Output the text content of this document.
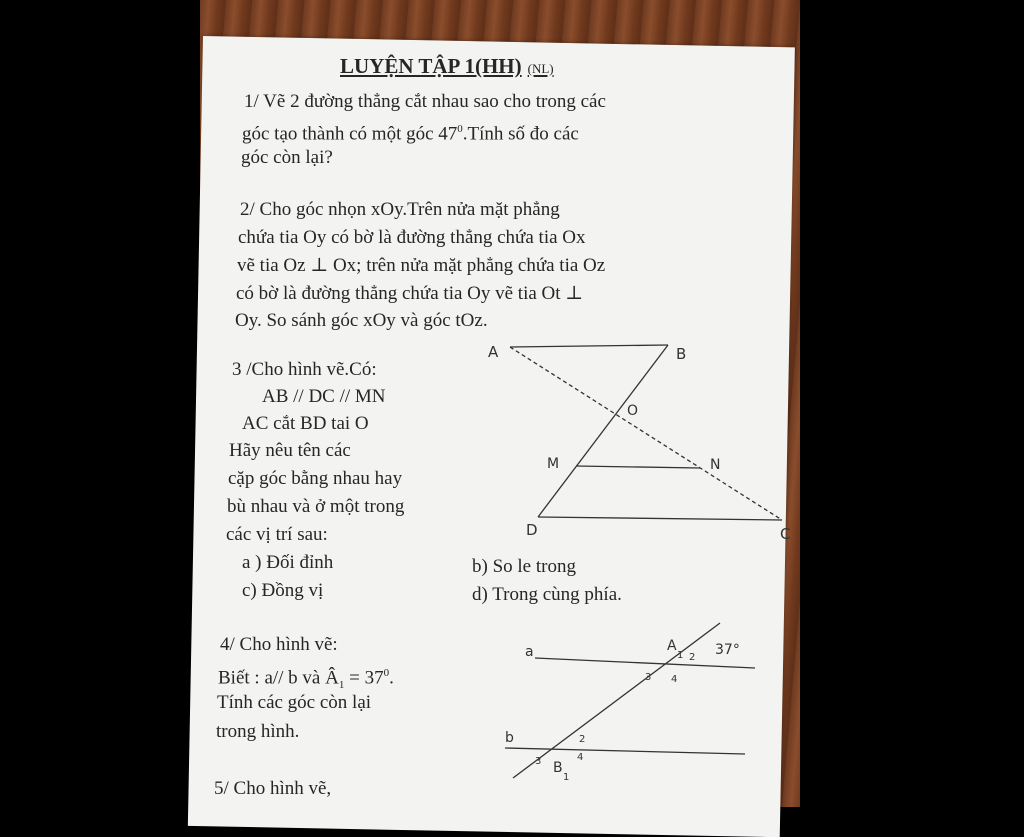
LUYỆN TẬP 1(HH) (NL)
1/ Vẽ 2 đường thẳng cắt nhau sao cho trong các
góc tạo thành có một góc $47^0.Tính$ số đo các
góc còn lại?
2/ Cho góc nhọn xOy.Trên nửa mặt phẳng
chứa tia Oy có bờ là đường thẳng chứa tia Ox
vẽ tia Oz ⊥ Ox; trên nửa mặt phẳng chứa tia Oz
có bờ là đường thẳng chứa tia Oy vẽ tia Ot ⊥
Oy. So sánh góc xOy và góc tOz.
3 /Cho hình vẽ.Có:
AB // DC // MN
AC cắt BD tai O
Hãy nêu tên các
cặp góc bằng nhau hay
bù nhau và ở một trong
các vị trí sau:
a ) Đối đỉnh	b) So le trong
c) Đồng vị	d) Trong cùng phía.
A	B
O
M	N
D	C
4/ Cho hình vẽ:
Biết : a// b và $Â_1 = 37^0$.
Tính các góc còn lại
trong hình.
a	A
1 2
3 4
37°
b
B
1
2
3	4
5/ Cho hình vẽ,
